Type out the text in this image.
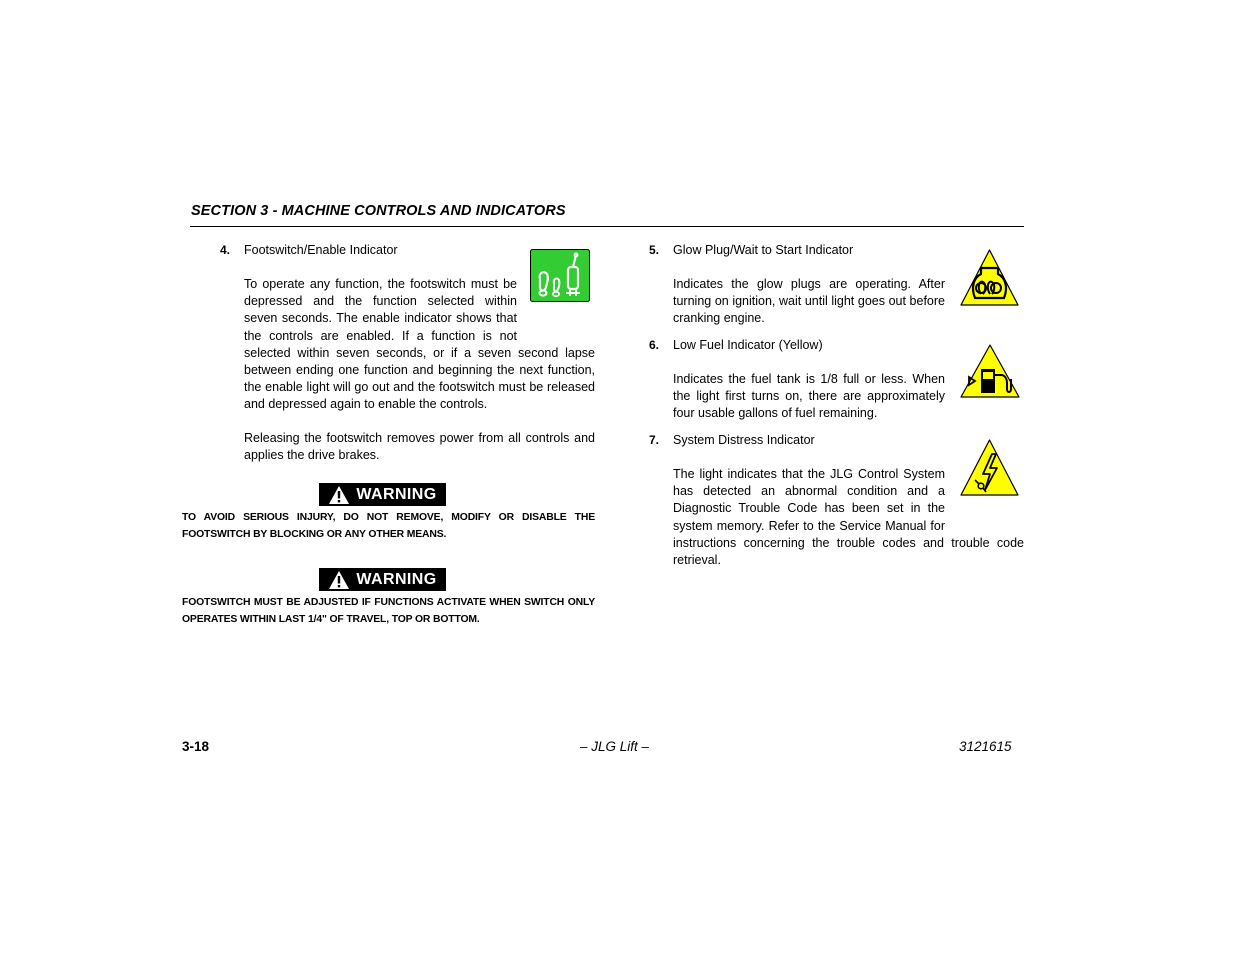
SECTION 3 - MACHINE CONTROLS AND INDICATORS
4. Footswitch/Enable Indicator

To operate any function, the footswitch must be depressed and the function selected within seven seconds. The enable indicator shows that the controls are enabled. If a function is not selected within seven seconds, or if a seven second lapse between ending one function and beginning the next function, the enable light will go out and the footswitch must be released and depressed again to enable the controls.

Releasing the footswitch removes power from all controls and applies the drive brakes.

WARNING
TO AVOID SERIOUS INJURY, DO NOT REMOVE, MODIFY OR DISABLE THE FOOTSWITCH BY BLOCKING OR ANY OTHER MEANS.
WARNING
FOOTSWITCH MUST BE ADJUSTED IF FUNCTIONS ACTIVATE WHEN SWITCH ONLY OPERATES WITHIN LAST 1/4" OF TRAVEL, TOP OR BOTTOM.
5. Glow Plug/Wait to Start Indicator

Indicates the glow plugs are operating. After turning on ignition, wait until light goes out before cranking engine.

6. Low Fuel Indicator (Yellow)

Indicates the fuel tank is 1/8 full or less. When the light first turns on, there are approximately four usable gallons of fuel remaining.

7. System Distress Indicator

The light indicates that the JLG Control System has detected an abnormal condition and a Diagnostic Trouble Code has been set in the system memory. Refer to the Service Manual for instructions concerning the trouble codes and trouble code retrieval.

3-18	– JLG Lift –	3121615
